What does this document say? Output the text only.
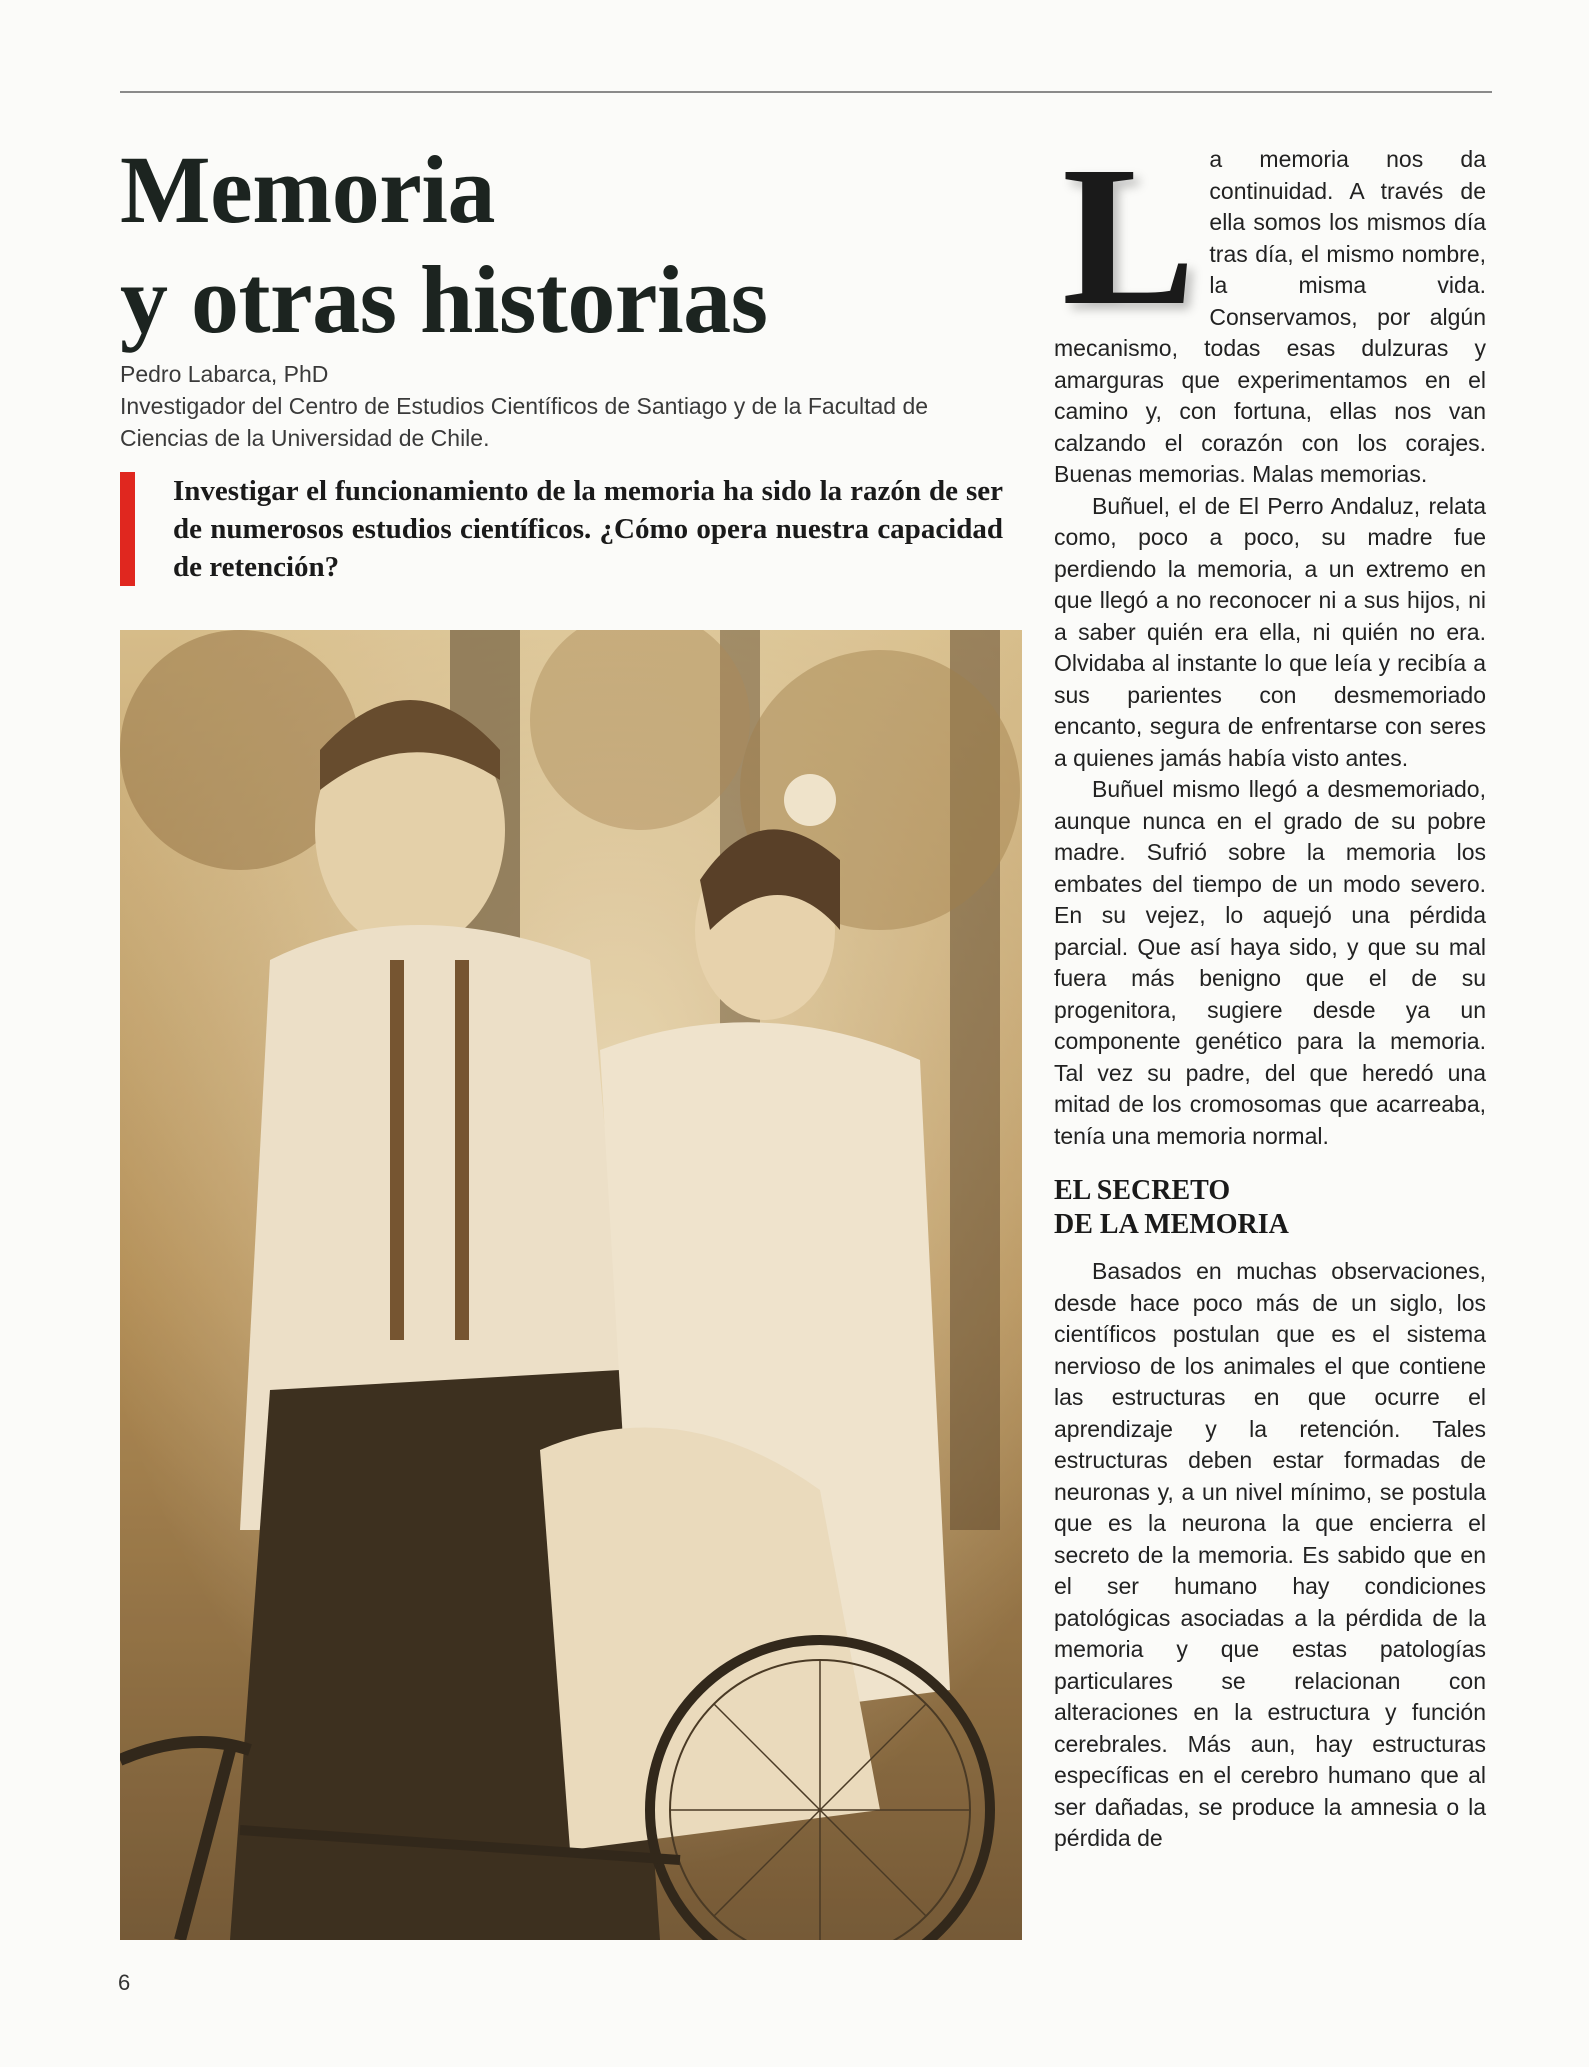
Memoria
y otras historias
Pedro Labarca, PhD
Investigador del Centro de Estudios Científicos de Santiago y de la Facultad de Ciencias de la Universidad de Chile.
Investigar el funcionamiento de la memoria ha sido la razón de ser de numerosos estudios científicos. ¿Cómo opera nuestra capacidad de retención?

La memoria nos da continuidad. A través de ella somos los mismos día tras día, el mismo nombre, la misma vida. Conservamos, por algún mecanismo, todas esas dulzuras y amarguras que experimentamos en el camino y, con fortuna, ellas nos van calzando el corazón con los corajes. Buenas memorias. Malas memorias.

Buñuel, el de El Perro Andaluz, relata como, poco a poco, su madre fue perdiendo la memoria, a un extremo en que llegó a no reconocer ni a sus hijos, ni a saber quién era ella, ni quién no era. Olvidaba al instante lo que leía y recibía a sus parientes con desmemoriado encanto, segura de enfrentarse con seres a quienes jamás había visto antes.

Buñuel mismo llegó a desmemoriado, aunque nunca en el grado de su pobre madre. Sufrió sobre la memoria los embates del tiempo de un modo severo. En su vejez, lo aquejó una pérdida parcial. Que así haya sido, y que su mal fuera más benigno que el de su progenitora, sugiere desde ya un componente genético para la memoria. Tal vez su padre, del que heredó una mitad de los cromosomas que acarreaba, tenía una memoria normal.

EL SECRETO
DE LA MEMORIA

Basados en muchas observaciones, desde hace poco más de un siglo, los científicos postulan que es el sistema nervioso de los animales el que contiene las estructuras en que ocurre el aprendizaje y la retención. Tales estructuras deben estar formadas de neuronas y, a un nivel mínimo, se postula que es la neurona la que encierra el secreto de la memoria. Es sabido que en el ser humano hay condiciones patológicas asociadas a la pérdida de la memoria y que estas patologías particulares se relacionan con alteraciones en la estructura y función cerebrales. Más aun, hay estructuras específicas en el cerebro humano que al ser dañadas, se produce la amnesia o la pérdida de

6
